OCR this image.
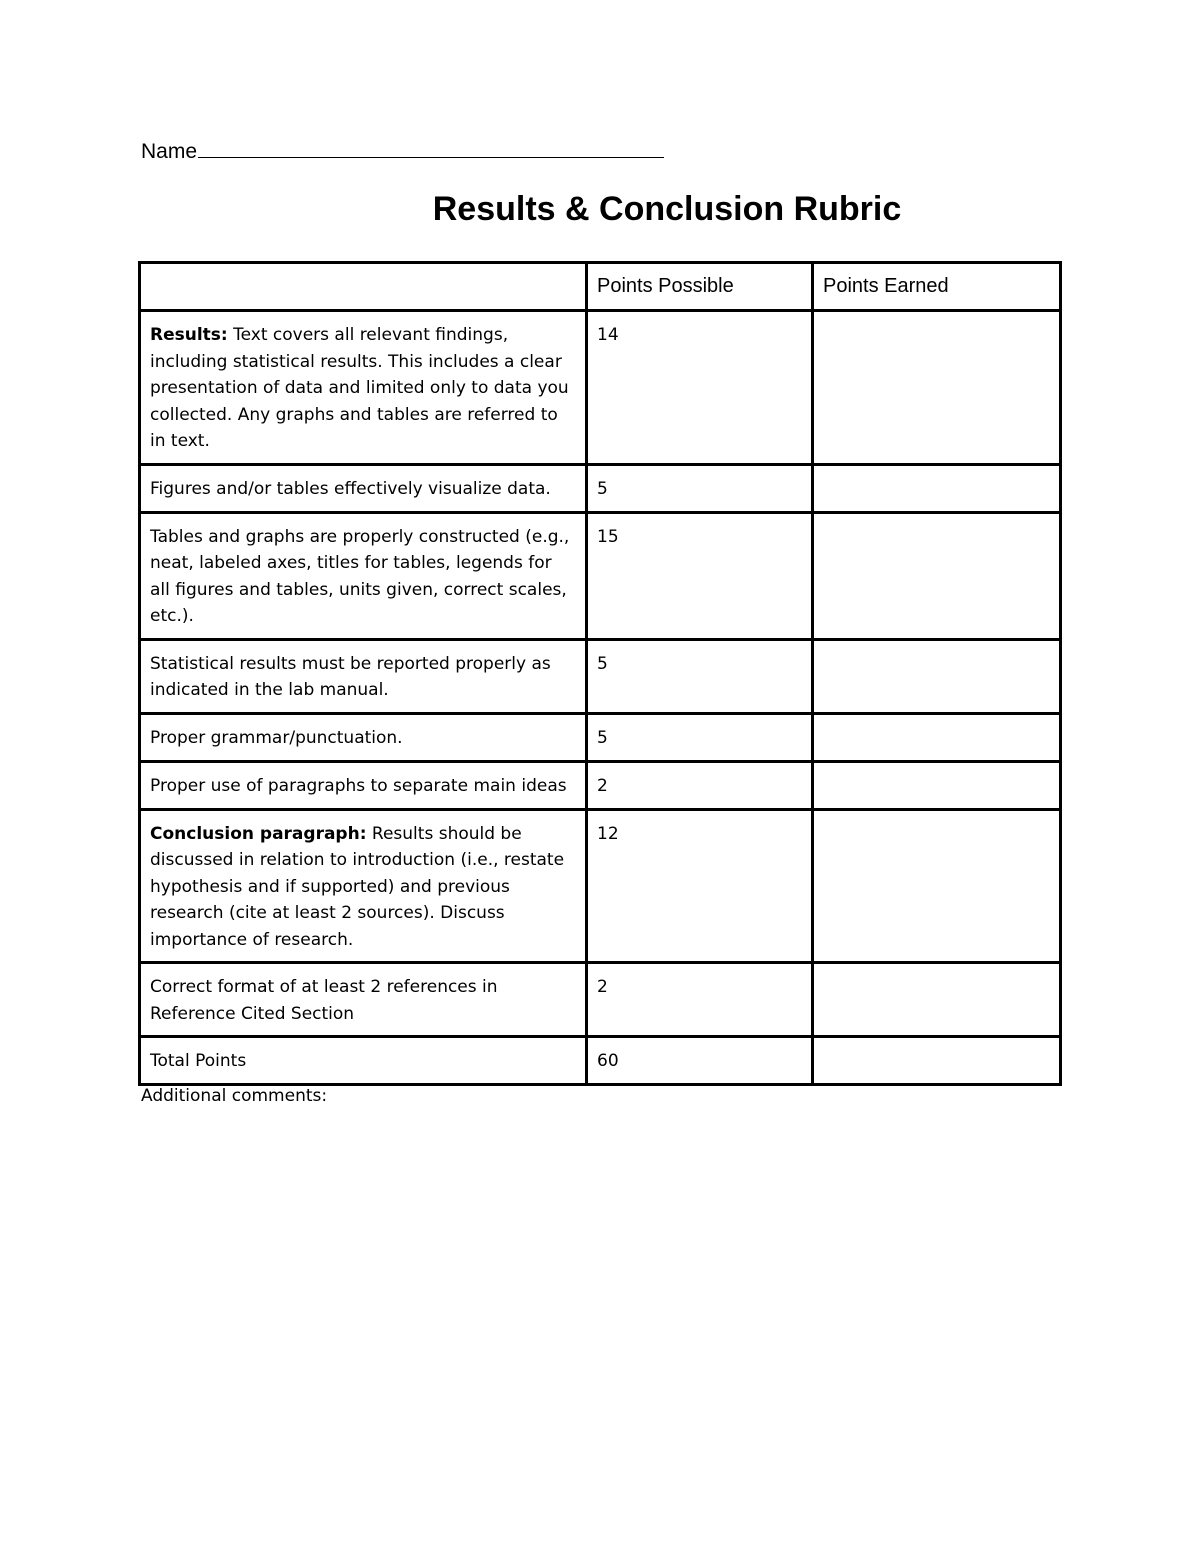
Name
Results & Conclusion Rubric
	Points Possible	Points Earned
Results: Text covers all relevant findings, including statistical results. This includes a clear presentation of data and limited only to data you collected. Any graphs and tables are referred to in text.	14	
Figures and/or tables effectively visualize data.	5	
Tables and graphs are properly constructed (e.g., neat, labeled axes, titles for tables, legends for all figures and tables, units given, correct scales, etc.).	15	
Statistical results must be reported properly as indicated in the lab manual.	5	
Proper grammar/punctuation.	5	
Proper use of paragraphs to separate main ideas	2	
Conclusion paragraph: Results should be discussed in relation to introduction (i.e., restate hypothesis and if supported) and previous research (cite at least 2 sources). Discuss importance of research.	12	
Correct format of at least 2 references in Reference Cited Section	2	
Total Points	60	
Additional comments:
